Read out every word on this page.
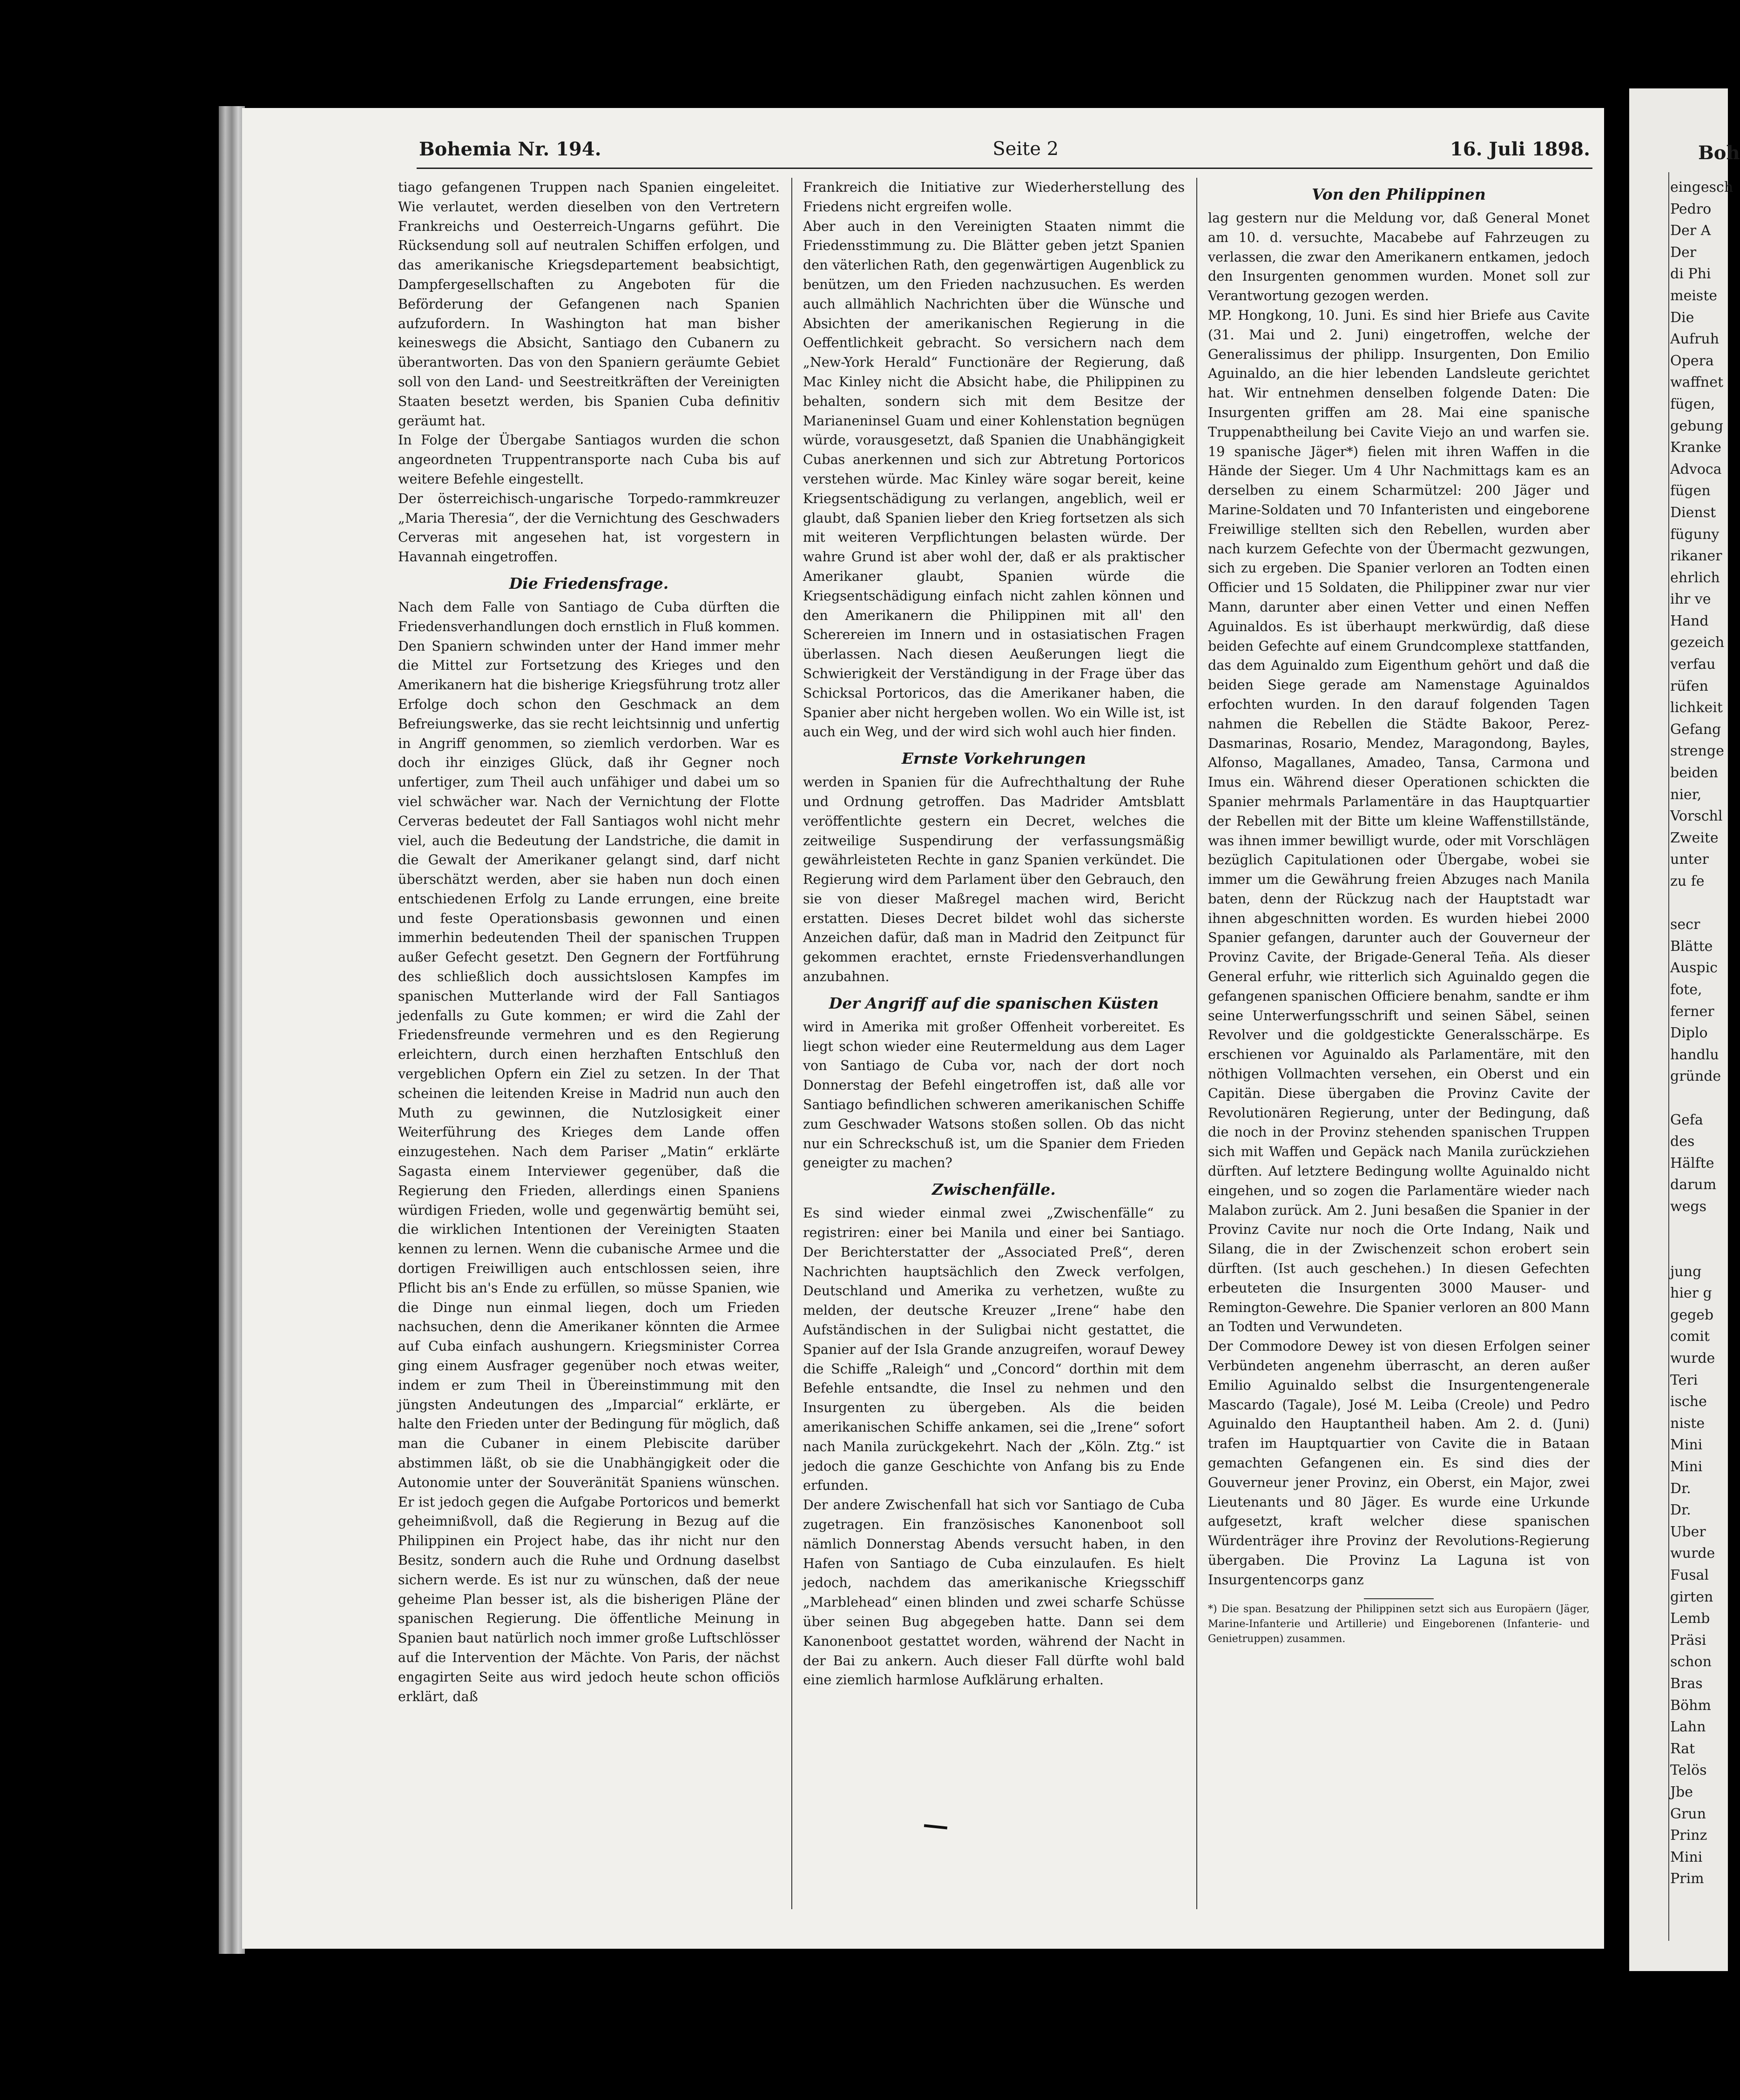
Bohemia Nr. 194.	Seite 2	16. Juli 1898.

tiago gefangenen Truppen nach Spanien eingeleitet. Wie verlautet, werden dieselben von den Vertretern Frankreichs und Oesterreich-Ungarns geführt. Die Rücksendung soll auf neutralen Schiffen erfolgen, und das amerikanische Kriegsdepartement beabsichtigt, Dampfergesellschaften zu Angeboten für die Beförderung der Gefangenen nach Spanien aufzufordern. In Washington hat man bisher keineswegs die Absicht, Santiago den Cubanern zu überantworten. Das von den Spaniern geräumte Gebiet soll von den Land- und Seestreitkräften der Vereinigten Staaten besetzt werden, bis Spanien Cuba definitiv geräumt hat.

In Folge der Übergabe Santiagos wurden die schon angeordneten Truppentransporte nach Cuba bis auf weitere Befehle eingestellt.

Der österreichisch-ungarische Torpedo-rammkreuzer „Maria Theresia“, der die Vernichtung des Geschwaders Cerveras mit angesehen hat, ist vorgestern in Havannah eingetroffen.

Die Friedensfrage.

Nach dem Falle von Santiago de Cuba dürften die Friedensverhandlungen doch ernstlich in Fluß kommen. Den Spaniern schwinden unter der Hand immer mehr die Mittel zur Fortsetzung des Krieges und den Amerikanern hat die bisherige Kriegsführung trotz aller Erfolge doch schon den Geschmack an dem Befreiungswerke, das sie recht leichtsinnig und unfertig in Angriff genommen, so ziemlich verdorben. War es doch ihr einziges Glück, daß ihr Gegner noch unfertiger, zum Theil auch unfähiger und dabei um so viel schwächer war. Nach der Vernichtung der Flotte Cerveras bedeutet der Fall Santiagos wohl nicht mehr viel, auch die Bedeutung der Landstriche, die damit in die Gewalt der Amerikaner gelangt sind, darf nicht überschätzt werden, aber sie haben nun doch einen entschiedenen Erfolg zu Lande errungen, eine breite und feste Operationsbasis gewonnen und einen immerhin bedeutenden Theil der spanischen Truppen außer Gefecht gesetzt. Den Gegnern der Fortführung des schließlich doch aussichtslosen Kampfes im spanischen Mutterlande wird der Fall Santiagos jedenfalls zu Gute kommen; er wird die Zahl der Friedensfreunde vermehren und es den Regierung erleichtern, durch einen herzhaften Entschluß den vergeblichen Opfern ein Ziel zu setzen. In der That scheinen die leitenden Kreise in Madrid nun auch den Muth zu gewinnen, die Nutzlosigkeit einer Weiterführung des Krieges dem Lande offen einzugestehen. Nach dem Pariser „Matin“ erklärte Sagasta einem Interviewer gegenüber, daß die Regierung den Frieden, allerdings einen Spaniens würdigen Frieden, wolle und gegenwärtig bemüht sei, die wirklichen Intentionen der Vereinigten Staaten kennen zu lernen. Wenn die cubanische Armee und die dortigen Freiwilligen auch entschlossen seien, ihre Pflicht bis an's Ende zu erfüllen, so müsse Spanien, wie die Dinge nun einmal liegen, doch um Frieden nachsuchen, denn die Amerikaner könnten die Armee auf Cuba einfach aushungern. Kriegsminister Correa ging einem Ausfrager gegenüber noch etwas weiter, indem er zum Theil in Übereinstimmung mit den jüngsten Andeutungen des „Imparcial“ erklärte, er halte den Frieden unter der Bedingung für möglich, daß man die Cubaner in einem Plebiscite darüber abstimmen läßt, ob sie die Unabhängigkeit oder die Autonomie unter der Souveränität Spaniens wünschen. Er ist jedoch gegen die Aufgabe Portoricos und bemerkt geheimnißvoll, daß die Regierung in Bezug auf die Philippinen ein Project habe, das ihr nicht nur den Besitz, sondern auch die Ruhe und Ordnung daselbst sichern werde. Es ist nur zu wünschen, daß der neue geheime Plan besser ist, als die bisherigen Pläne der spanischen Regierung. Die öffentliche Meinung in Spanien baut natürlich noch immer große Luftschlösser auf die Intervention der Mächte. Von Paris, der nächst engagirten Seite aus wird jedoch heute schon officiös erklärt, daß

Frankreich die Initiative zur Wiederherstellung des Friedens nicht ergreifen wolle.

Aber auch in den Vereinigten Staaten nimmt die Friedensstimmung zu. Die Blätter geben jetzt Spanien den väterlichen Rath, den gegenwärtigen Augenblick zu benützen, um den Frieden nachzusuchen. Es werden auch allmählich Nachrichten über die Wünsche und Absichten der amerikanischen Regierung in die Oeffentlichkeit gebracht. So versichern nach dem „New-York Herald“ Functionäre der Regierung, daß Mac Kinley nicht die Absicht habe, die Philippinen zu behalten, sondern sich mit dem Besitze der Marianeninsel Guam und einer Kohlenstation begnügen würde, vorausgesetzt, daß Spanien die Unabhängigkeit Cubas anerkennen und sich zur Abtretung Portoricos verstehen würde. Mac Kinley wäre sogar bereit, keine Kriegsentschädigung zu verlangen, angeblich, weil er glaubt, daß Spanien lieber den Krieg fortsetzen als sich mit weiteren Verpflichtungen belasten würde. Der wahre Grund ist aber wohl der, daß er als praktischer Amerikaner glaubt, Spanien würde die Kriegsentschädigung einfach nicht zahlen können und den Amerikanern die Philippinen mit all' den Scherereien im Innern und in ostasiatischen Fragen überlassen. Nach diesen Aeußerungen liegt die Schwierigkeit der Verständigung in der Frage über das Schicksal Portoricos, das die Amerikaner haben, die Spanier aber nicht hergeben wollen. Wo ein Wille ist, ist auch ein Weg, und der wird sich wohl auch hier finden.

Ernste Vorkehrungen

werden in Spanien für die Aufrechthaltung der Ruhe und Ordnung getroffen. Das Madrider Amtsblatt veröffentlichte gestern ein Decret, welches die zeitweilige Suspendirung der verfassungsmäßig gewährleisteten Rechte in ganz Spanien verkündet. Die Regierung wird dem Parlament über den Gebrauch, den sie von dieser Maßregel machen wird, Bericht erstatten. Dieses Decret bildet wohl das sicherste Anzeichen dafür, daß man in Madrid den Zeitpunct für gekommen erachtet, ernste Friedensverhandlungen anzubahnen.

Der Angriff auf die spanischen Küsten

wird in Amerika mit großer Offenheit vorbereitet. Es liegt schon wieder eine Reutermeldung aus dem Lager von Santiago de Cuba vor, nach der dort noch Donnerstag der Befehl eingetroffen ist, daß alle vor Santiago befindlichen schweren amerikanischen Schiffe zum Geschwader Watsons stoßen sollen. Ob das nicht nur ein Schreckschuß ist, um die Spanier dem Frieden geneigter zu machen?

Zwischenfälle.

Es sind wieder einmal zwei „Zwischenfälle“ zu registriren: einer bei Manila und einer bei Santiago. Der Berichterstatter der „Associated Preß“, deren Nachrichten hauptsächlich den Zweck verfolgen, Deutschland und Amerika zu verhetzen, wußte zu melden, der deutsche Kreuzer „Irene“ habe den Aufständischen in der Suligbai nicht gestattet, die Spanier auf der Isla Grande anzugreifen, worauf Dewey die Schiffe „Raleigh“ und „Concord“ dorthin mit dem Befehle entsandte, die Insel zu nehmen und den Insurgenten zu übergeben. Als die beiden amerikanischen Schiffe ankamen, sei die „Irene“ sofort nach Manila zurückgekehrt. Nach der „Köln. Ztg.“ ist jedoch die ganze Geschichte von Anfang bis zu Ende erfunden.

Der andere Zwischenfall hat sich vor Santiago de Cuba zugetragen. Ein französisches Kanonenboot soll nämlich Donnerstag Abends versucht haben, in den Hafen von Santiago de Cuba einzulaufen. Es hielt jedoch, nachdem das amerikanische Kriegsschiff „Marblehead“ einen blinden und zwei scharfe Schüsse über seinen Bug abgegeben hatte. Dann sei dem Kanonenboot gestattet worden, während der Nacht in der Bai zu ankern. Auch dieser Fall dürfte wohl bald eine ziemlich harmlose Aufklärung erhalten.

Von den Philippinen

lag gestern nur die Meldung vor, daß General Monet am 10. d. versuchte, Macabebe auf Fahrzeugen zu verlassen, die zwar den Amerikanern entkamen, jedoch den Insurgenten genommen wurden. Monet soll zur Verantwortung gezogen werden.

MP. Hongkong, 10. Juni. Es sind hier Briefe aus Cavite (31. Mai und 2. Juni) eingetroffen, welche der Generalissimus der philipp. Insurgenten, Don Emilio Aguinaldo, an die hier lebenden Landsleute gerichtet hat. Wir entnehmen denselben folgende Daten: Die Insurgenten griffen am 28. Mai eine spanische Truppenabtheilung bei Cavite Viejo an und warfen sie. 19 spanische Jäger*) fielen mit ihren Waffen in die Hände der Sieger. Um 4 Uhr Nachmittags kam es an derselben zu einem Scharmützel: 200 Jäger und Marine-Soldaten und 70 Infanteristen und eingeborene Freiwillige stellten sich den Rebellen, wurden aber nach kurzem Gefechte von der Übermacht gezwungen, sich zu ergeben. Die Spanier verloren an Todten einen Officier und 15 Soldaten, die Philippiner zwar nur vier Mann, darunter aber einen Vetter und einen Neffen Aguinaldos. Es ist überhaupt merkwürdig, daß diese beiden Gefechte auf einem Grundcomplexe stattfanden, das dem Aguinaldo zum Eigenthum gehört und daß die beiden Siege gerade am Namenstage Aguinaldos erfochten wurden. In den darauf folgenden Tagen nahmen die Rebellen die Städte Bakoor, Perez-Dasmarinas, Rosario, Mendez, Maragondong, Bayles, Alfonso, Magallanes, Amadeo, Tansa, Carmona und Imus ein. Während dieser Operationen schickten die Spanier mehrmals Parlamentäre in das Hauptquartier der Rebellen mit der Bitte um kleine Waffenstillstände, was ihnen immer bewilligt wurde, oder mit Vorschlägen bezüglich Capitulationen oder Übergabe, wobei sie immer um die Gewährung freien Abzuges nach Manila baten, denn der Rückzug nach der Hauptstadt war ihnen abgeschnitten worden. Es wurden hiebei 2000 Spanier gefangen, darunter auch der Gouverneur der Provinz Cavite, der Brigade-General Teña. Als dieser General erfuhr, wie ritterlich sich Aguinaldo gegen die gefangenen spanischen Officiere benahm, sandte er ihm seine Unterwerfungsschrift und seinen Säbel, seinen Revolver und die goldgestickte Generalsschärpe. Es erschienen vor Aguinaldo als Parlamentäre, mit den nöthigen Vollmachten versehen, ein Oberst und ein Capitän. Diese übergaben die Provinz Cavite der Revolutionären Regierung, unter der Bedingung, daß die noch in der Provinz stehenden spanischen Truppen sich mit Waffen und Gepäck nach Manila zurückziehen dürften. Auf letztere Bedingung wollte Aguinaldo nicht eingehen, und so zogen die Parlamentäre wieder nach Malabon zurück. Am 2. Juni besaßen die Spanier in der Provinz Cavite nur noch die Orte Indang, Naik und Silang, die in der Zwischenzeit schon erobert sein dürften. (Ist auch geschehen.) In diesen Gefechten erbeuteten die Insurgenten 3000 Mauser- und Remington-Gewehre. Die Spanier verloren an 800 Mann an Todten und Verwundeten.

Der Commodore Dewey ist von diesen Erfolgen seiner Verbündeten angenehm überrascht, an deren außer Emilio Aguinaldo selbst die Insurgentengenerale Mascardo (Tagale), José M. Leiba (Creole) und Pedro Aguinaldo den Hauptantheil haben. Am 2. d. (Juni) trafen im Hauptquartier von Cavite die in Bataan gemachten Gefangenen ein. Es sind dies der Gouverneur jener Provinz, ein Oberst, ein Major, zwei Lieutenants und 80 Jäger. Es wurde eine Urkunde aufgesetzt, kraft welcher diese spanischen Würdenträger ihre Provinz der Revolutions-Regierung übergaben. Die Provinz La Laguna ist von Insurgentencorps ganz

*) Die span. Besatzung der Philippinen setzt sich aus Europäern (Jäger, Marine-Infanterie und Artillerie) und Eingeborenen (Infanterie- und Genietruppen) zusammen.

Boh
eingesch
Pedro
Der A
Der
di Phi
meiste
Die
Aufruh
Opera
waffnet
fügen,
gebung
Kranke
Advoca
fügen
Dienst
füguny
rikaner
ehrlich
ihr ve
Hand
gezeich
verfau
rüfen
lichkeit
Gefang
strenge
beiden
nier,
Vorschl
Zweite
unter
zu fe
secr
Blätte
Auspic
fote,
ferner
Diplo
handlu
gründe
Gefa
des
Hälfte
darum
wegs
jung
hier g
gegeb
comit
wurde
Teri
ische
niste
Mini
Mini
Dr.
Dr.
Uber
wurde
Fusal
girten
Lemb
Präsi
schon
Bras
Böhm
Lahn
Rat
Telös
Jbe
Grun
Prinz
Mini
Prim
